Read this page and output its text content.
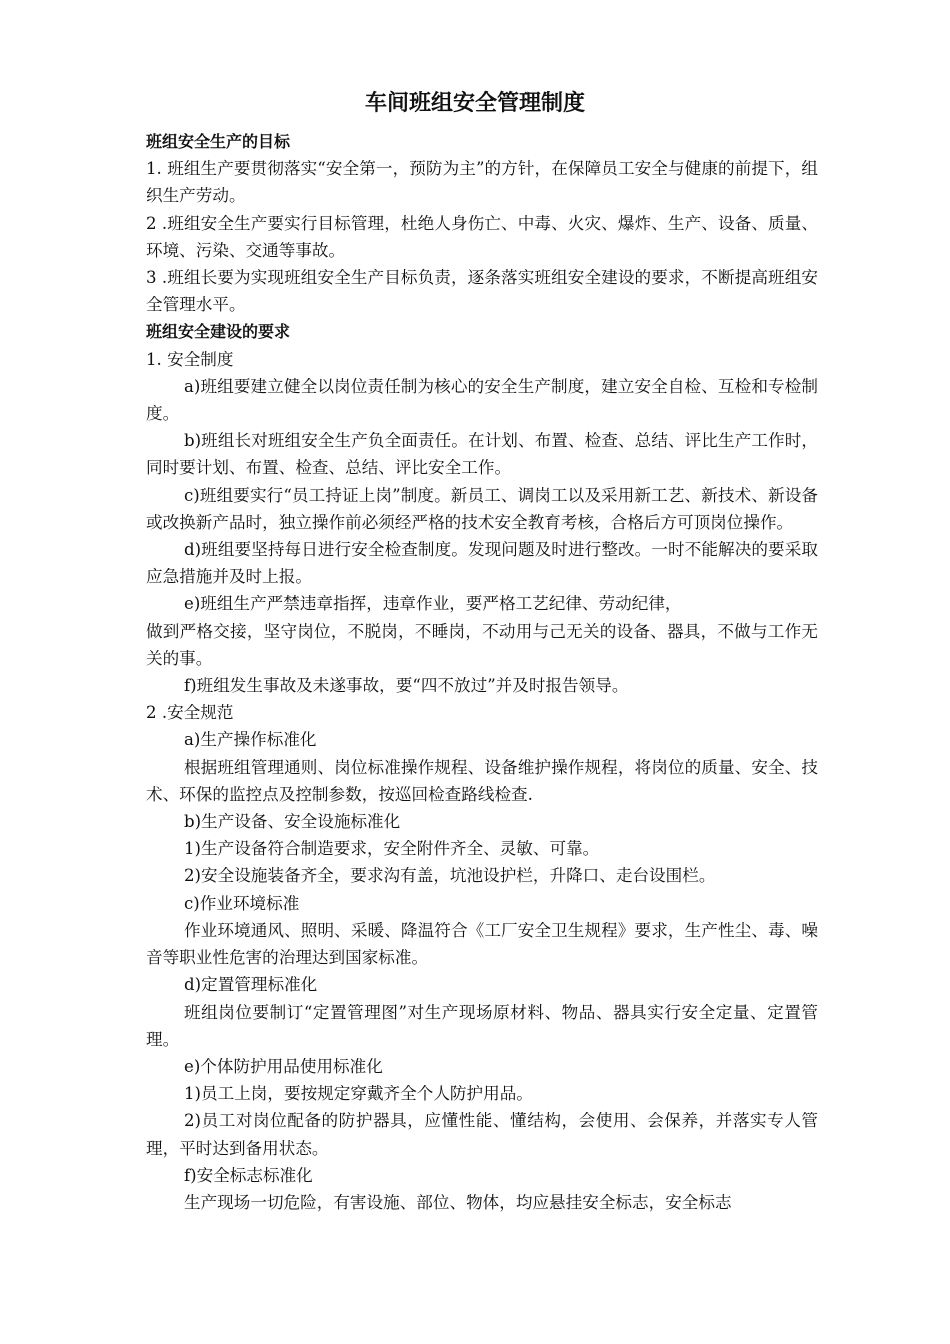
车间班组安全管理制度

班组安全生产的目标

1. 班组生产要贯彻落实“安全第一，预防为主”的方针，在保障员工安全与健康的前提下，组织生产劳动。

2 .班组安全生产要实行目标管理，杜绝人身伤亡、中毒、火灾、爆炸、生产、设备、质量、环境、污染、交通等事故。

3 .班组长要为实现班组安全生产目标负责，逐条落实班组安全建设的要求，不断提高班组安全管理水平。

班组安全建设的要求

1. 安全制度

a)班组要建立健全以岗位责任制为核心的安全生产制度，建立安全自检、互检和专检制度。

b)班组长对班组安全生产负全面责任。在计划、布置、检查、总结、评比生产工作时，同时要计划、布置、检查、总结、评比安全工作。

c)班组要实行“员工持证上岗”制度。新员工、调岗工以及采用新工艺、新技术、新设备或改换新产品时，独立操作前必须经严格的技术安全教育考核，合格后方可顶岗位操作。

d)班组要坚持每日进行安全检查制度。发现问题及时进行整改。一时不能解决的要采取应急措施并及时上报。

e)班组生产严禁违章指挥，违章作业，要严格工艺纪律、劳动纪律，

做到严格交接，坚守岗位，不脱岗，不睡岗，不动用与己无关的设备、器具，不做与工作无关的事。

f)班组发生事故及未遂事故，要“四不放过”并及时报告领导。

2 .安全规范

a)生产操作标准化

根据班组管理通则、岗位标准操作规程、设备维护操作规程，将岗位的质量、安全、技术、环保的监控点及控制参数，按巡回检查路线检查.

b)生产设备、安全设施标准化

1)生产设备符合制造要求，安全附件齐全、灵敏、可靠。

2)安全设施装备齐全，要求沟有盖，坑池设护栏，升降口、走台设围栏。

c)作业环境标准

作业环境通风、照明、采暖、降温符合《工厂安全卫生规程》要求，生产性尘、毒、噪音等职业性危害的治理达到国家标准。

d)定置管理标准化

班组岗位要制订“定置管理图”对生产现场原材料、物品、器具实行安全定量、定置管理。

e)个体防护用品使用标准化

1)员工上岗，要按规定穿戴齐全个人防护用品。

2)员工对岗位配备的防护器具，应懂性能、懂结构，会使用、会保养，并落实专人管理，平时达到备用状态。

f)安全标志标准化

生产现场一切危险，有害设施、部位、物体，均应悬挂安全标志，安全标志
